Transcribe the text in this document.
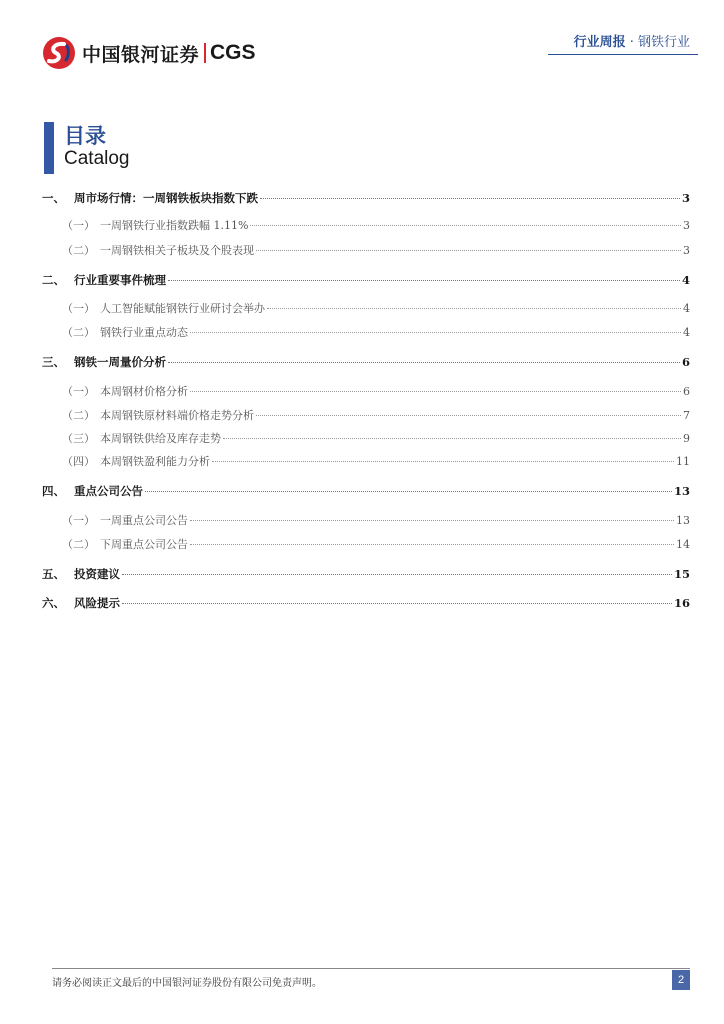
中国银河证券 CGS	行业周报 · 钢铁行业
目录
Catalog
一、 周市场行情：一周钢铁板块指数下跌	3
（一） 一周钢铁行业指数跌幅 1.11%	3
（二） 一周钢铁相关子板块及个股表现	3
二、 行业重要事件梳理	4
（一） 人工智能赋能钢铁行业研讨会举办	4
（二） 钢铁行业重点动态	4
三、 钢铁一周量价分析	6
（一） 本周钢材价格分析	6
（二） 本周钢铁原材料端价格走势分析	7
（三） 本周钢铁供给及库存走势	9
（四） 本周钢铁盈利能力分析	11
四、 重点公司公告	13
（一） 一周重点公司公告	13
（二） 下周重点公司公告	14
五、 投资建议	15
六、 风险提示	16
请务必阅读正文最后的中国银河证券股份有限公司免责声明。	2
